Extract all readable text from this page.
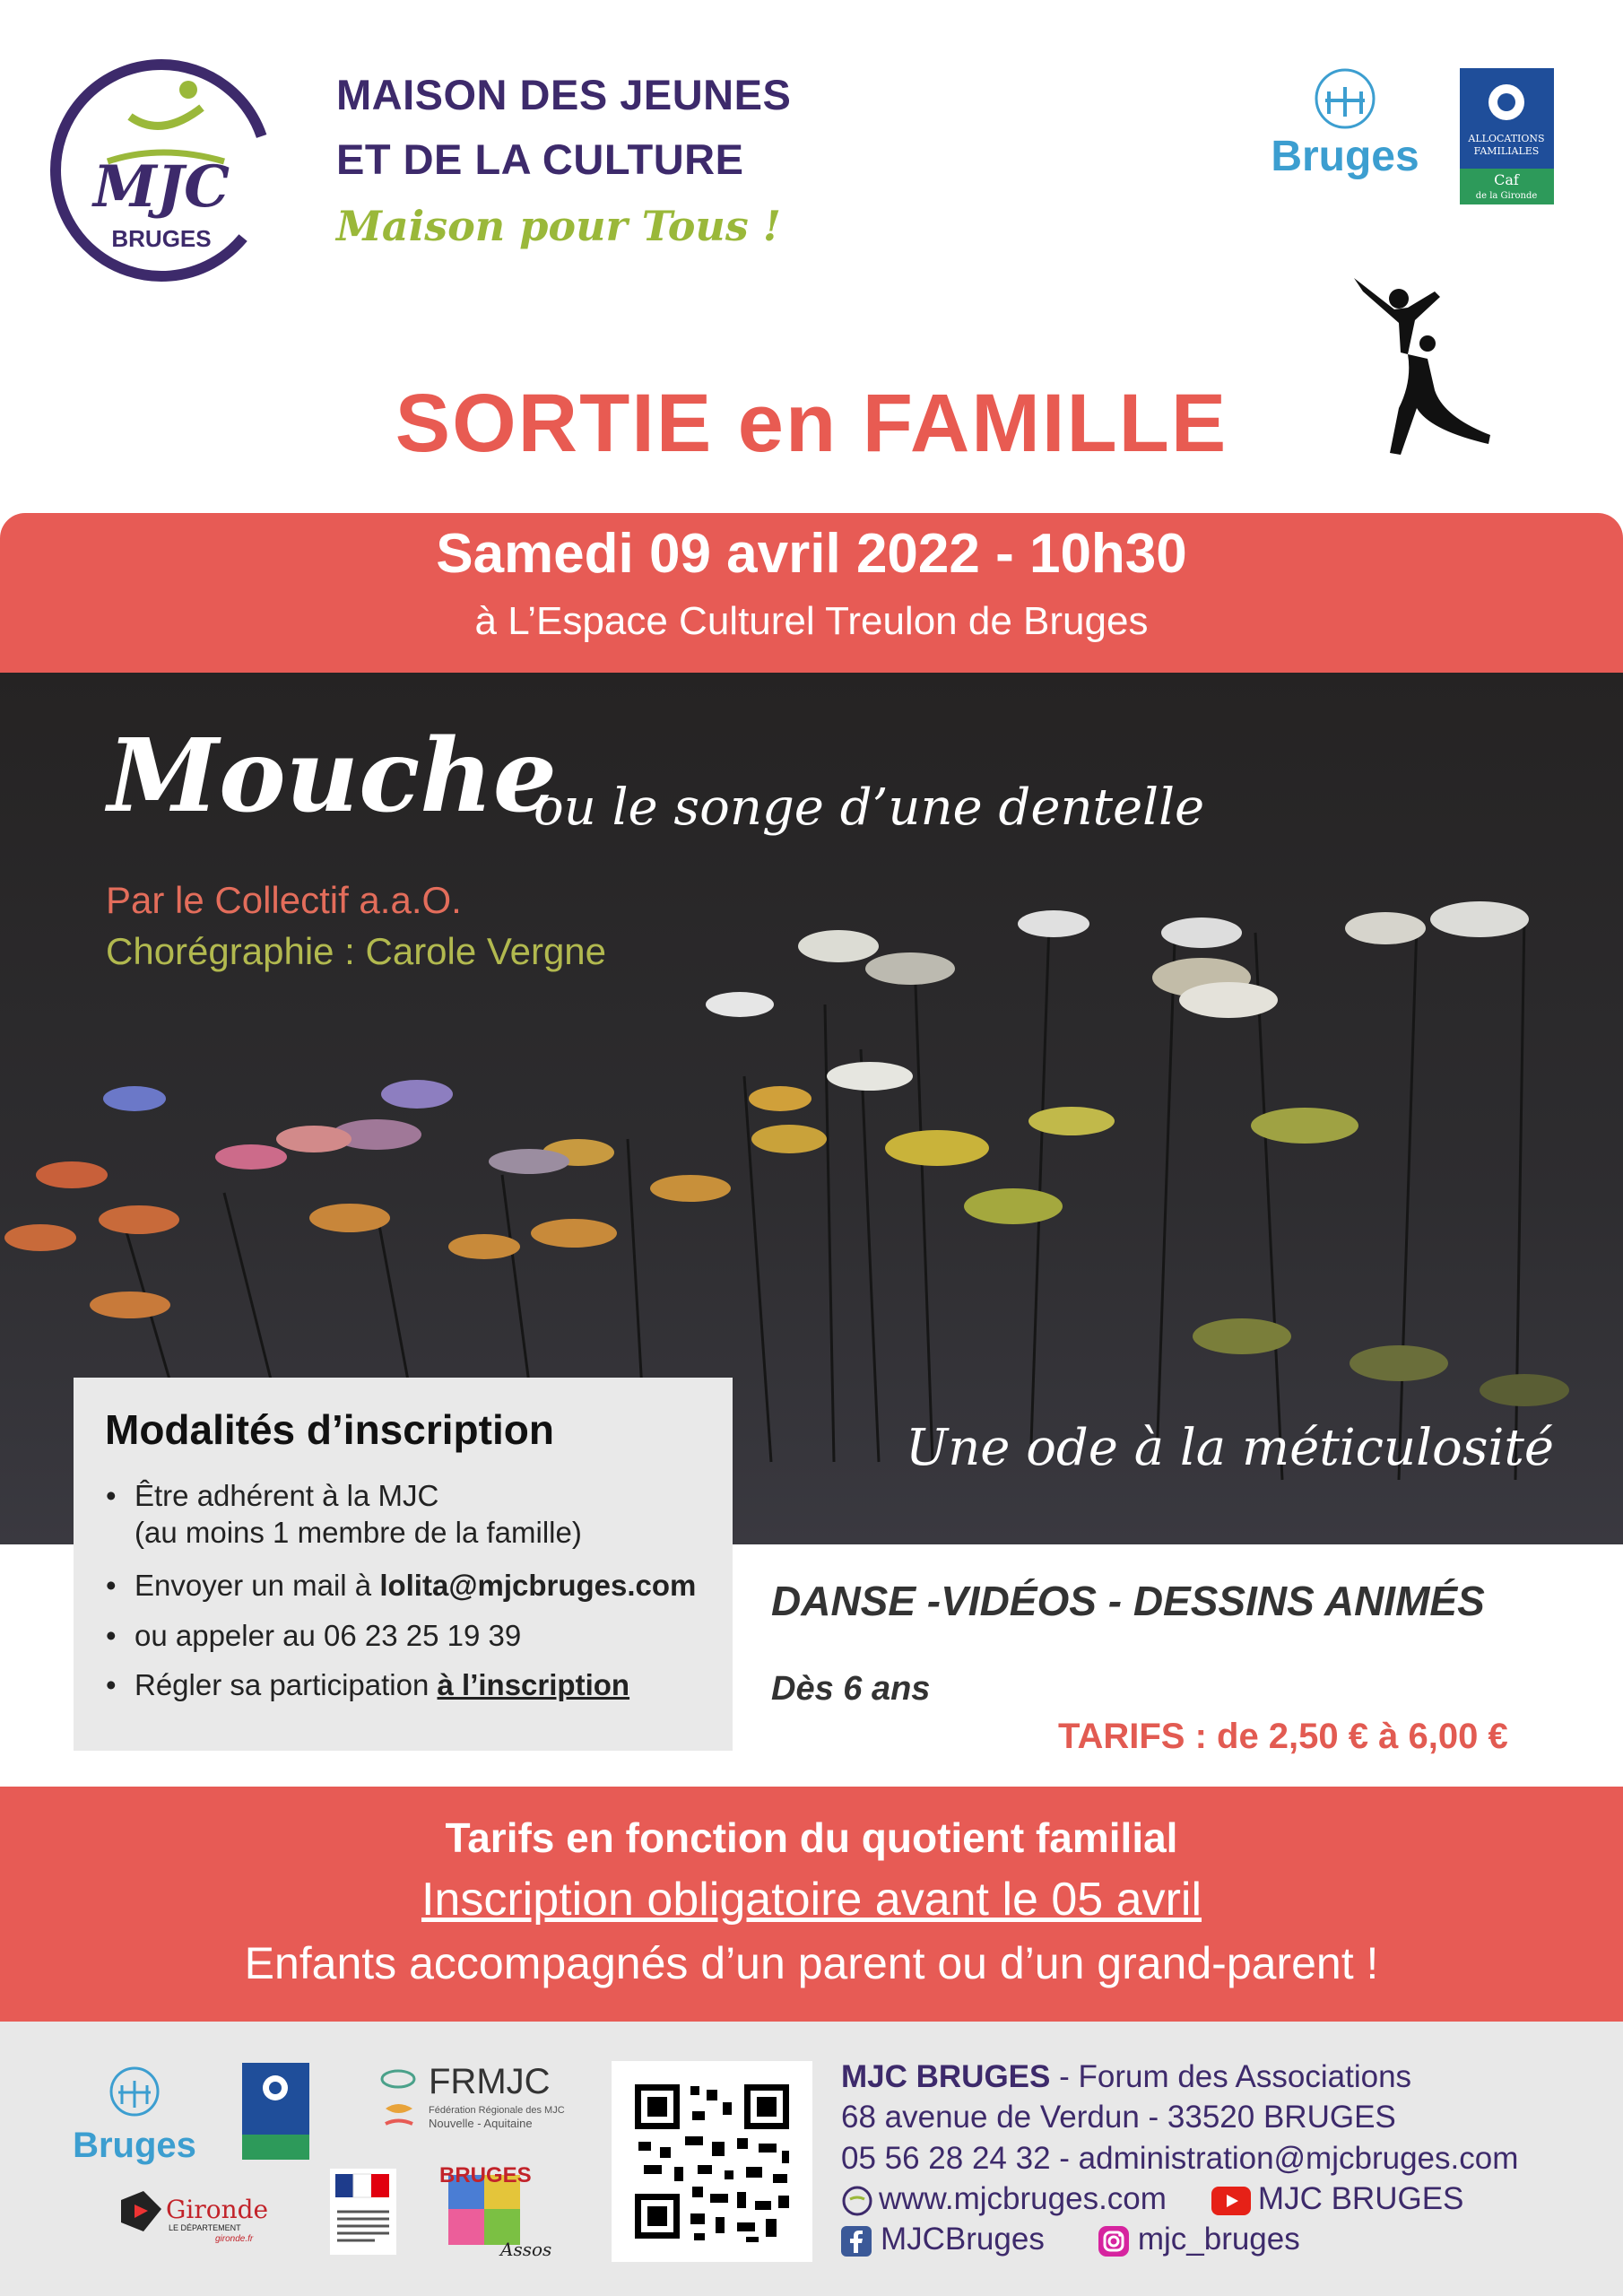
MJC
BRUGES
MAISON DES JEUNES
ET DE LA CULTURE
Maison pour Tous !
Bruges	ALLOCATIONS
FAMILIALES
Caf
de la Gironde
SORTIE en FAMILLE
Samedi 09 avril 2022 - 10h30
à L’Espace Culturel Treulon de Bruges
Mouche
ou le songe d’une dentelle
Par le Collectif a.a.O.
Chorégraphie : Carole Vergne
Une ode à la méticulosité
Modalités d’inscription
• Être adhérent à la MJC
(au moins 1 membre de la famille)
• Envoyer un mail à lolita@mjcbruges.com
• ou appeler au 06 23 25 19 39
• Régler sa participation à l’inscription
DANSE -VIDÉOS - DESSINS ANIMÉS
Dès 6 ans
TARIFS : de 2,50 € à 6,00 €
Tarifs en fonction du quotient familial
Inscription obligatoire avant le 05 avril
Enfants accompagnés d’un parent ou d’un grand-parent !
Bruges
FRMJC
Fédération Régionale des MJC
Nouvelle - Aquitaine
Gironde
LE DÉPARTEMENT
gironde.fr
BRUGES
Assos
MJC BRUGES - Forum des Associations
68 avenue de Verdun - 33520 BRUGES
05 56 28 24 32 - administration@mjcbruges.com
www.mjcbruges.com	MJC BRUGES
MJCBruges	mjc_bruges
